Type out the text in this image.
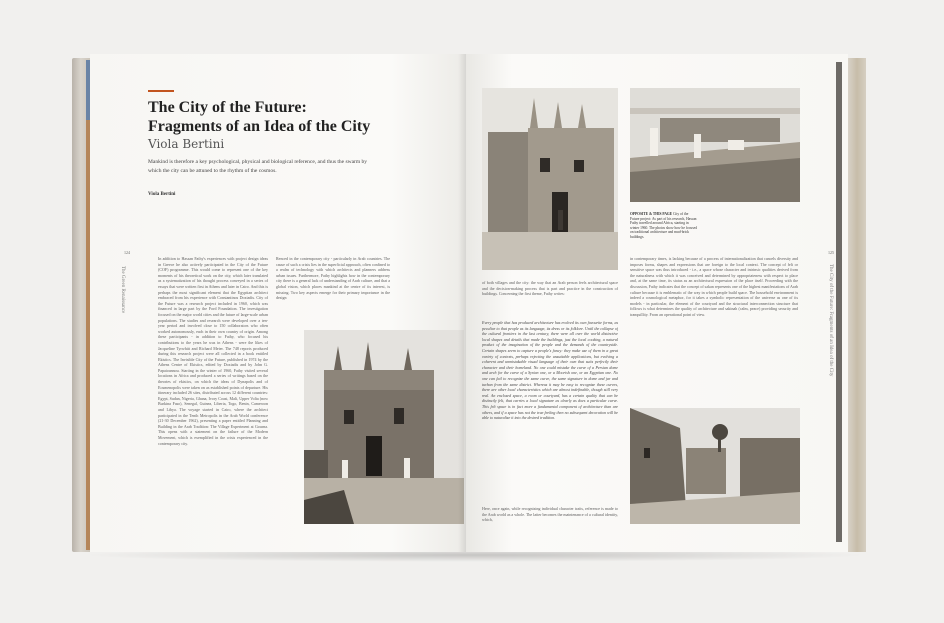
The City of the Future:
Fragments of an Idea of the City
Viola Bertini
Mankind is therefore a key psychological, physical and biological reference, and thus the swarm by which the city can be attuned to the rhythm of the cosmos.
Viola Bertini
124
The Green Renaissance
In addition to Hassan Fathy's experiences with project design ideas in Greece he also actively participated in the City of the Future (COF) programme. This would come to represent one of the key moments of his theoretical work on the city, which later translated as a systematization of his thought process conveyed in a series of essays that were written first in Athens and later in Cairo. And this is perhaps the most significant element that the Egyptian architect embraced from his experience with Constantinos Doxiadis. City of the Future was a research project included in 1960, which was financed in large part by the Ford Foundation. The investigation focused on the major world cities and the future of large-scale urban populations. The studies and research were developed over a ten-year period and involved close to 150 collaborators who often worked autonomously, each in their own country of origin. Among these participants - in addition to Fathy, who focused his contributions to the years he was in Athens - were the likes of Jacqueline Tyrwhitt and Richard Meier. The 748 reports produced during this research project were all collected in a book entitled Ekistics. The Invisible City of the Future, published in 1974 by the Athens Centre of Ekistics, edited by Doxiadis and by John G. Papaioannou. Starting in the winter of 1960, Fathy visited several locations in Africa and produced a series of writings based on the theories of ekistics, on which the ideas of Dynapolis and of Ecumenopolis were taken on as established points of departure. His itinerary included 26 sites, distributed across 12 different countries: Egypt, Sudan, Nigeria, Ghana, Ivory Coast, Mali, Upper Volta (now Burkina Faso), Senegal, Guinea, Liberia, Togo, Benin, Cameroon and Libya. The voyage started in Cairo, where the architect participated in the Tenth Metropolis in the Arab World conference (21-30 December 1962), presenting a paper entitled Planning and Building in the Arab Tradition: The Village Experiment at Gourna. This opens with a statement on the failure of the Modern Movement, which is exemplified in the crisis experienced in the contemporary city.
Renced in the contemporary city - particularly in Arab countries. The cause of such a crisis lies in the superficial approach, often confined to a realm of technology with which architects and planners address urban issues. Furthermore, Fathy highlights how in the contemporary city there is a general lack of understanding of Arab culture, and that a global vision, which places mankind at the centre of its interest, is missing. Two key aspects emerge for their primary importance in the design
OPPOSITE & THIS PAGE City of the Future project: As part of his research, Hassan Fathy travelled around Africa, starting in winter 1960. The photos show how he focused on traditional architecture and mud-brick buildings.
125
The City of the Future: Fragments of an Idea of the City
of both villages and the city: the way that an Arab person feels architectural space and the decision-making process that is part and practice in the construction of buildings. Concerning the first theme, Fathy writes:
Every people that has produced architecture has evolved its own favourite forms, as peculiar to that people as its language, its dress or its folklore. Until the collapse of the cultural frontiers in the last century, there were all over the world distinctive local shapes and details that made the buildings, just the local cooking, a natural product of the imagination of the people and the demands of the countryside. Certain shapes seem to capture a people's fancy: they make use of them in a great variety of contexts, perhaps rejecting the unsuitable applications, but evolving a coherent and unmistakable visual language of their own that suits perfectly their character and their homeland. No one could mistake the curve of a Persian dome and arch for the curve of a Syrian one, or a Moorish one, or an Egyptian one. No one can fail to recognize the same curve, the same signature in dome and jar and turban from the same district. Whereas it may be easy to recognize these curves, there are other local characteristics which are almost indefinable, though still very real. An enclosed space, a room or courtyard, has a certain quality that can be distinctly felt, that carries a local signature as clearly as does a particular curve. This felt space is in fact more a fundamental component of architecture than are others, and if a space has not the true feeling then no subsequent decoration will be able to naturalize it into the desired tradition.
Here, once again, while recognizing individual character traits, reference is made to the Arab world as a whole. The latter becomes the maintenance of a cultural identity, which,
in contemporary times, is lacking because of a process of internationalization that cancels diversity and imposes forms, shapes and expressions that are foreign to the local context. The concept of felt or sensitive space was thus introduced - i.e., a space whose character and intrinsic qualities derived from the naturalness with which it was conceived and determined by appropriateness with respect to place and, at the same time, its status as an architectural expression of the place itself. Proceeding with the discussion, Fathy indicates that the concept of sakan represents one of the highest manifestations of Arab culture because it is emblematic of the way in which people build space. The household environment is indeed a cosmological metaphor, for it takes a symbolic representation of the universe as one of its models - in particular, the element of the courtyard and the structural interconnection structure that follows is what determines the quality of architecture and sakinah (calm, peace) providing security and tranquillity. From an operational point of view.
